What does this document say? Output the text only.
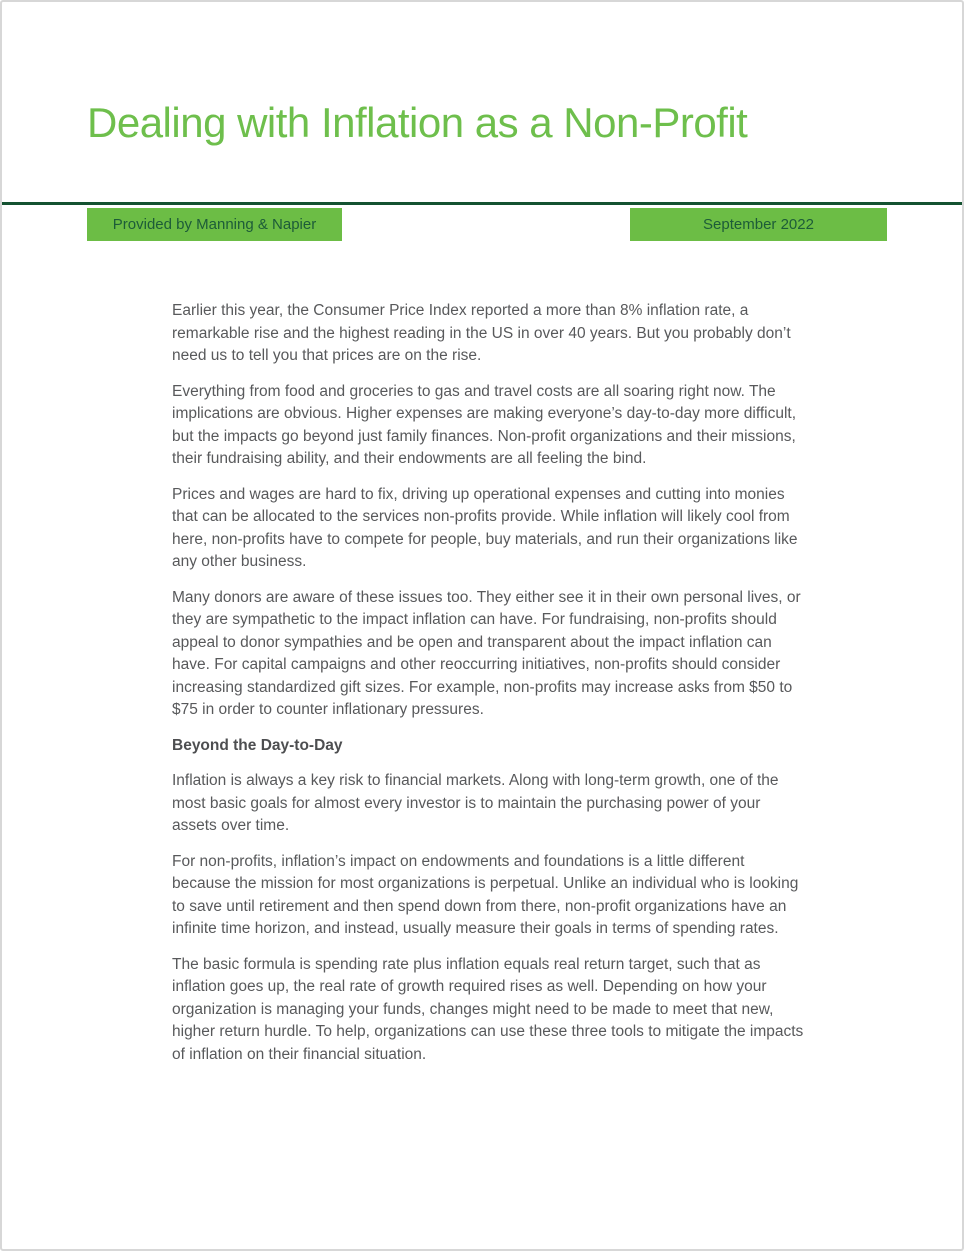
Dealing with Inflation as a Non-Profit
Provided by Manning & Napier	September 2022

Earlier this year, the Consumer Price Index reported a more than 8% inflation rate, a remarkable rise and the highest reading in the US in over 40 years. But you probably don’t need us to tell you that prices are on the rise.

Everything from food and groceries to gas and travel costs are all soaring right now. The implications are obvious. Higher expenses are making everyone’s day-to-day more difficult, but the impacts go beyond just family finances. Non-profit organizations and their missions, their fundraising ability, and their endowments are all feeling the bind.

Prices and wages are hard to fix, driving up operational expenses and cutting into monies that can be allocated to the services non-profits provide. While inflation will likely cool from here, non-profits have to compete for people, buy materials, and run their organizations like any other business.

Many donors are aware of these issues too. They either see it in their own personal lives, or they are sympathetic to the impact inflation can have. For fundraising, non-profits should appeal to donor sympathies and be open and transparent about the impact inflation can have. For capital campaigns and other reoccurring initiatives, non-profits should consider increasing standardized gift sizes. For example, non-profits may increase asks from $50 to $75 in order to counter inflationary pressures.

Beyond the Day-to-Day

Inflation is always a key risk to financial markets. Along with long-term growth, one of the most basic goals for almost every investor is to maintain the purchasing power of your assets over time.

For non-profits, inflation’s impact on endowments and foundations is a little different because the mission for most organizations is perpetual. Unlike an individual who is looking to save until retirement and then spend down from there, non-profit organizations have an infinite time horizon, and instead, usually measure their goals in terms of spending rates.

The basic formula is spending rate plus inflation equals real return target, such that as inflation goes up, the real rate of growth required rises as well. Depending on how your organization is managing your funds, changes might need to be made to meet that new, higher return hurdle. To help, organizations can use these three tools to mitigate the impacts of inflation on their financial situation.
